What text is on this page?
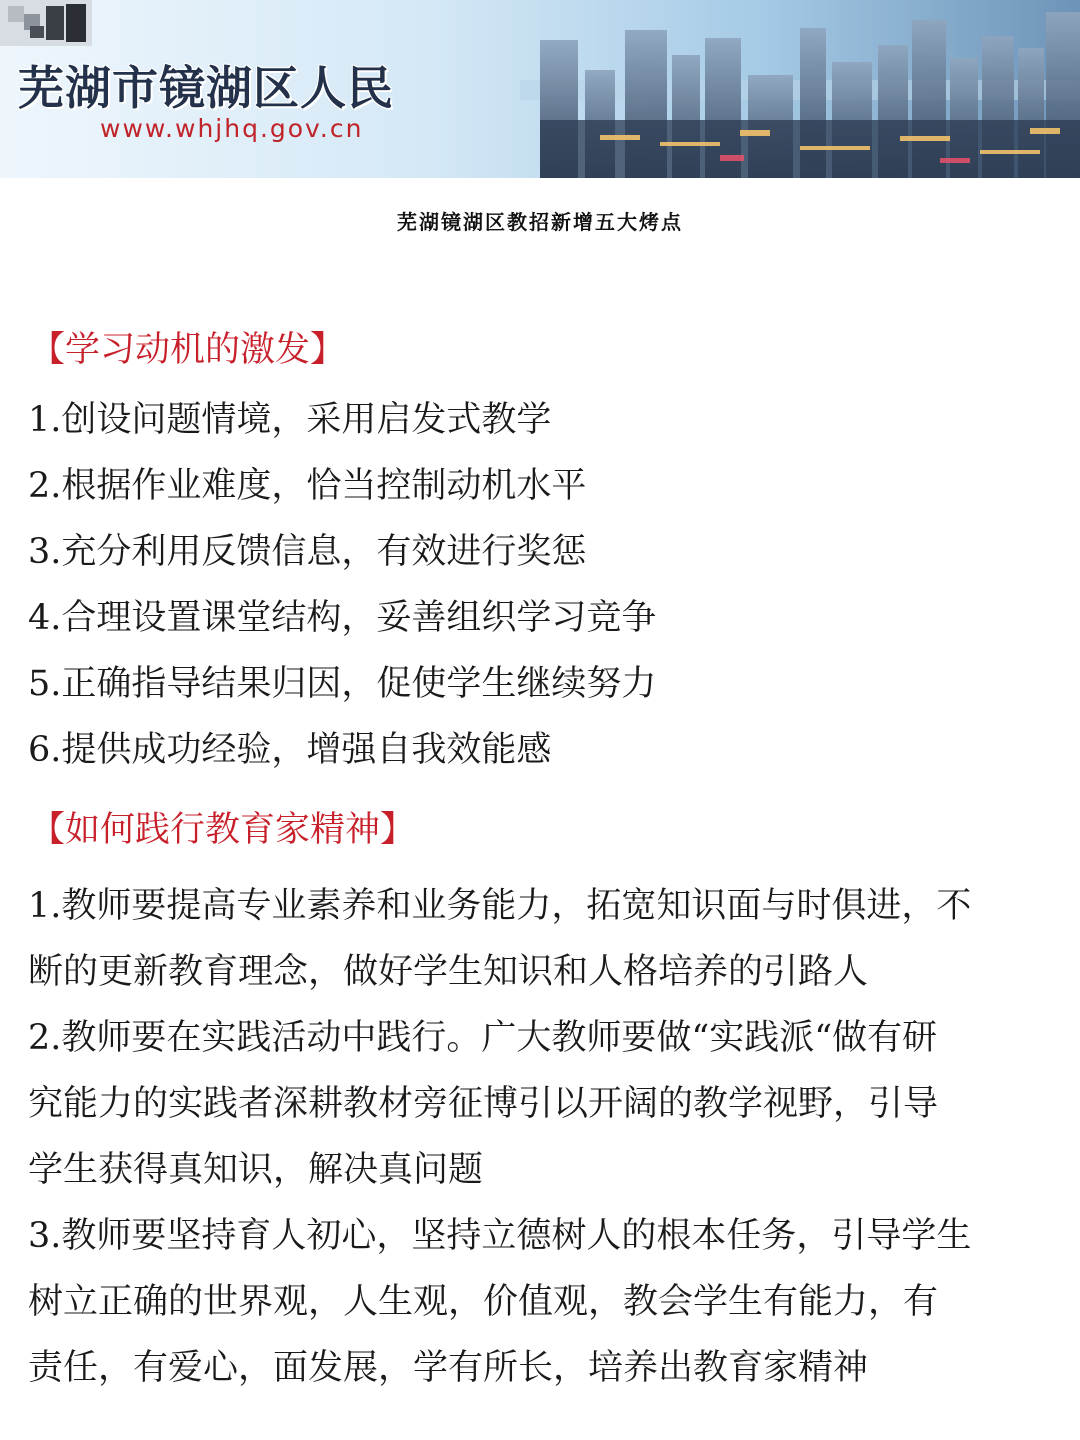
芜湖市镜湖区人民
www.whjhq.gov.cn
芜湖镜湖区教招新增五大烤点
【学习动机的激发】
1.创设问题情境，采用启发式教学
2.根据作业难度，恰当控制动机水平
3.充分利用反馈信息，有效进行奖惩
4.合理设置课堂结构，妥善组织学习竞争
5.正确指导结果归因，促使学生继续努力
6.提供成功经验，增强自我效能感
【如何践行教育家精神】
1.教师要提高专业素养和业务能力，拓宽知识面与时俱进，不
断的更新教育理念，做好学生知识和人格培养的引路人
2.教师要在实践活动中践行。广大教师要做“实践派“做有研
究能力的实践者深耕教材旁征博引以开阔的教学视野，引导
学生获得真知识，解决真问题
3.教师要坚持育人初心，坚持立德树人的根本任务，引导学生
树立正确的世界观，人生观，价值观，教会学生有能力，有
责任，有爱心，面发展，学有所长，培养出教育家精神
